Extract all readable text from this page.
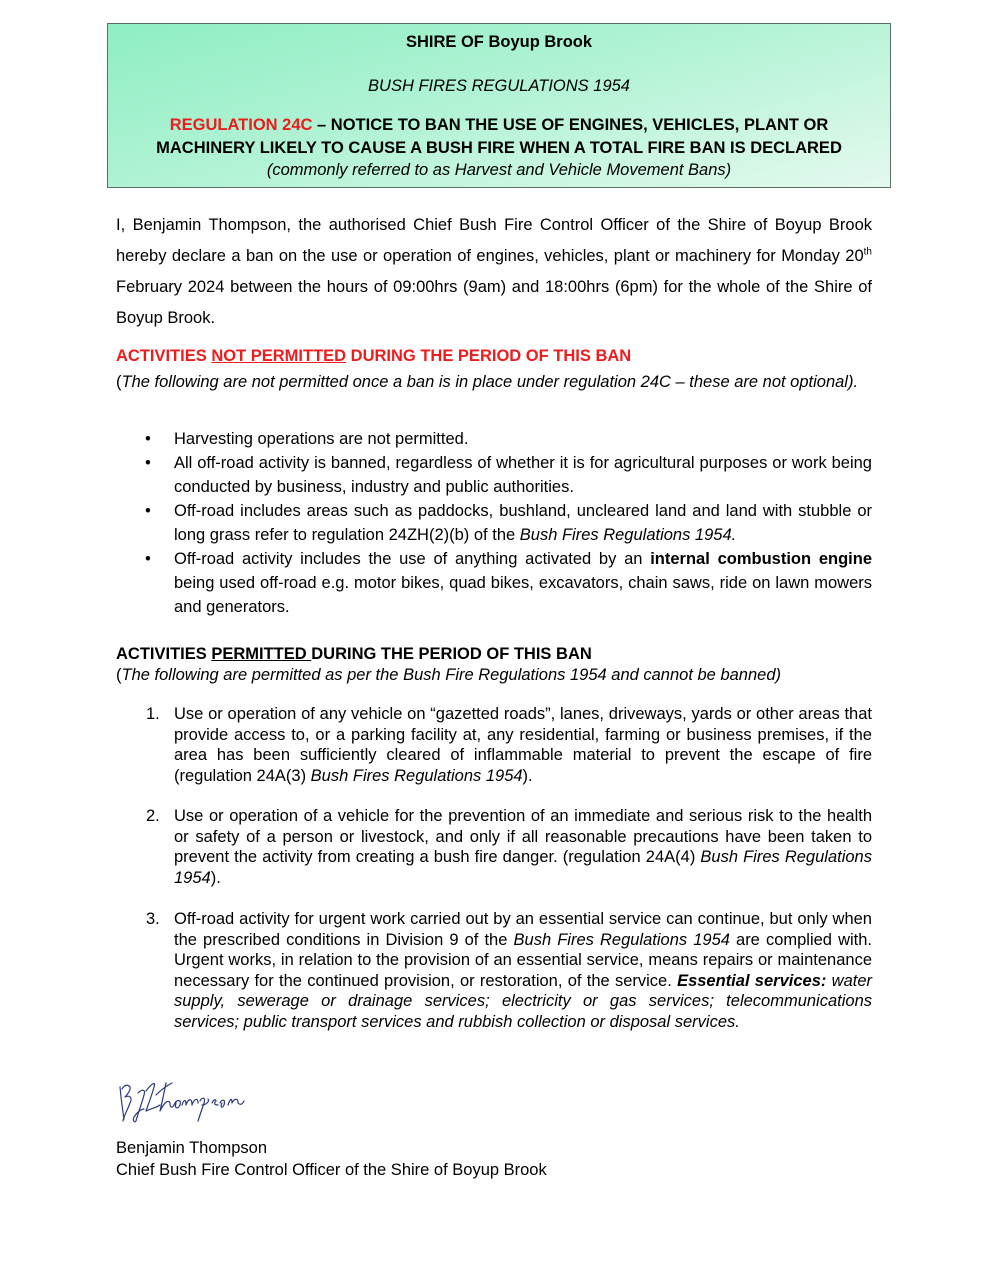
SHIRE OF Boyup Brook
BUSH FIRES REGULATIONS 1954
REGULATION 24C – NOTICE TO BAN THE USE OF ENGINES, VEHICLES, PLANT OR
MACHINERY LIKELY TO CAUSE A BUSH FIRE WHEN A TOTAL FIRE BAN IS DECLARED
(commonly referred to as Harvest and Vehicle Movement Bans)

I, Benjamin Thompson, the authorised Chief Bush Fire Control Officer of the Shire of Boyup Brook hereby declare a ban on the use or operation of engines, vehicles, plant or machinery for Monday 20th February 2024 between the hours of 09:00hrs (9am) and 18:00hrs (6pm) for the whole of the Shire of Boyup Brook.

ACTIVITIES NOT PERMITTED DURING THE PERIOD OF THIS BAN
(The following are not permitted once a ban is in place under regulation 24C – these are not optional).
• Harvesting operations are not permitted.
• All off-road activity is banned, regardless of whether it is for agricultural purposes or work being conducted by business, industry and public authorities.
• Off-road includes areas such as paddocks, bushland, uncleared land and land with stubble or long grass refer to regulation 24ZH(2)(b) of the Bush Fires Regulations 1954.
• Off-road activity includes the use of anything activated by an internal combustion engine being used off-road e.g. motor bikes, quad bikes, excavators, chain saws, ride on lawn mowers and generators.
ACTIVITIES PERMITTED DURING THE PERIOD OF THIS BAN
(The following are permitted as per the Bush Fire Regulations 1954 and cannot be banned)
1. Use or operation of any vehicle on “gazetted roads”, lanes, driveways, yards or other areas that provide access to, or a parking facility at, any residential, farming or business premises, if the area has been sufficiently cleared of inflammable material to prevent the escape of fire (regulation 24A(3) Bush Fires Regulations 1954).
2. Use or operation of a vehicle for the prevention of an immediate and serious risk to the health or safety of a person or livestock, and only if all reasonable precautions have been taken to prevent the activity from creating a bush fire danger. (regulation 24A(4) Bush Fires Regulations 1954).
3. Off-road activity for urgent work carried out by an essential service can continue, but only when the prescribed conditions in Division 9 of the Bush Fires Regulations 1954 are complied with. Urgent works, in relation to the provision of an essential service, means repairs or maintenance necessary for the continued provision, or restoration, of the service. Essential services: water supply, sewerage or drainage services; electricity or gas services; telecommunications services; public transport services and rubbish collection or disposal services.
Benjamin Thompson
Chief Bush Fire Control Officer of the Shire of Boyup Brook
